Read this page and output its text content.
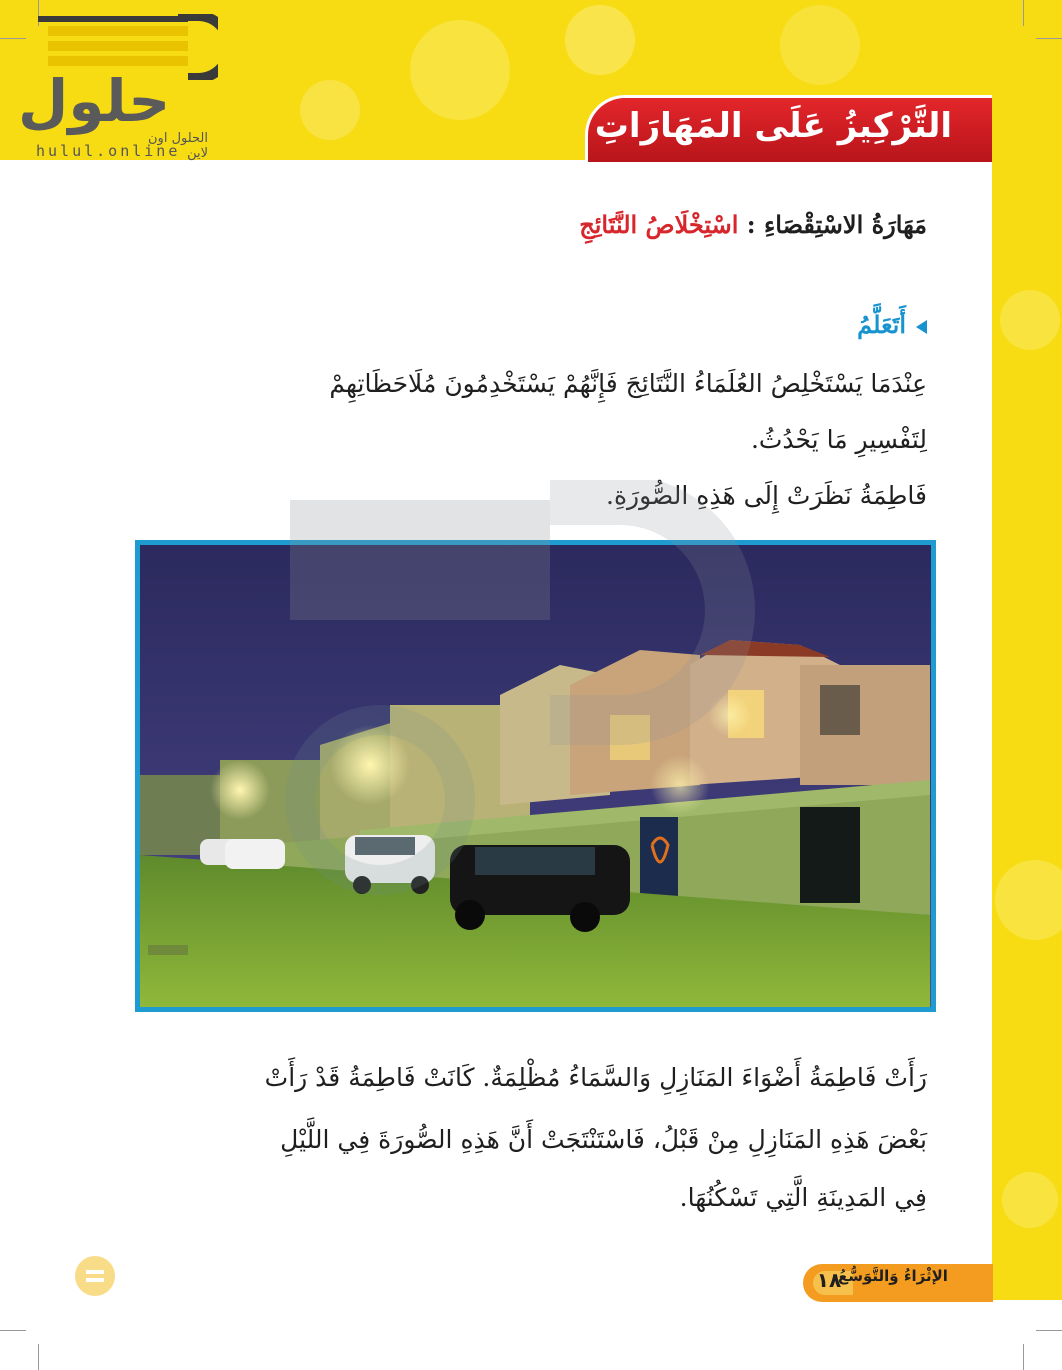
حلول
الحلول اون لاين
hulul.online
التَّرْكِيزُ عَلَى المَهَارَاتِ
مَهَارَةُ الاسْتِقْصَاءِ : اسْتِخْلَاصُ النَّتَائِجِ
أَتَعَلَّمُ
عِنْدَمَا يَسْتَخْلِصُ العُلَمَاءُ النَّتَائِجَ فَإِنَّهُمْ يَسْتَخْدِمُونَ مُلَاحَظَاتِهِمْ
لِتَفْسِيرِ مَا يَحْدُثُ.
فَاطِمَةُ نَظَرَتْ إِلَى هَذِهِ الصُّورَةِ.
رَأَتْ فَاطِمَةُ أَضْوَاءَ المَنَازِلِ وَالسَّمَاءُ مُظْلِمَةٌ. كَانَتْ فَاطِمَةُ قَدْ رَأَتْ
بَعْضَ هَذِهِ المَنَازِلِ مِنْ قَبْلُ، فَاسْتَنْتَجَتْ أَنَّ هَذِهِ الصُّورَةَ فِي اللَّيْلِ
فِي المَدِينَةِ الَّتِي تَسْكُنُهَا.
١٨
الإثْرَاءُ وَالتَّوَسُّعُ
